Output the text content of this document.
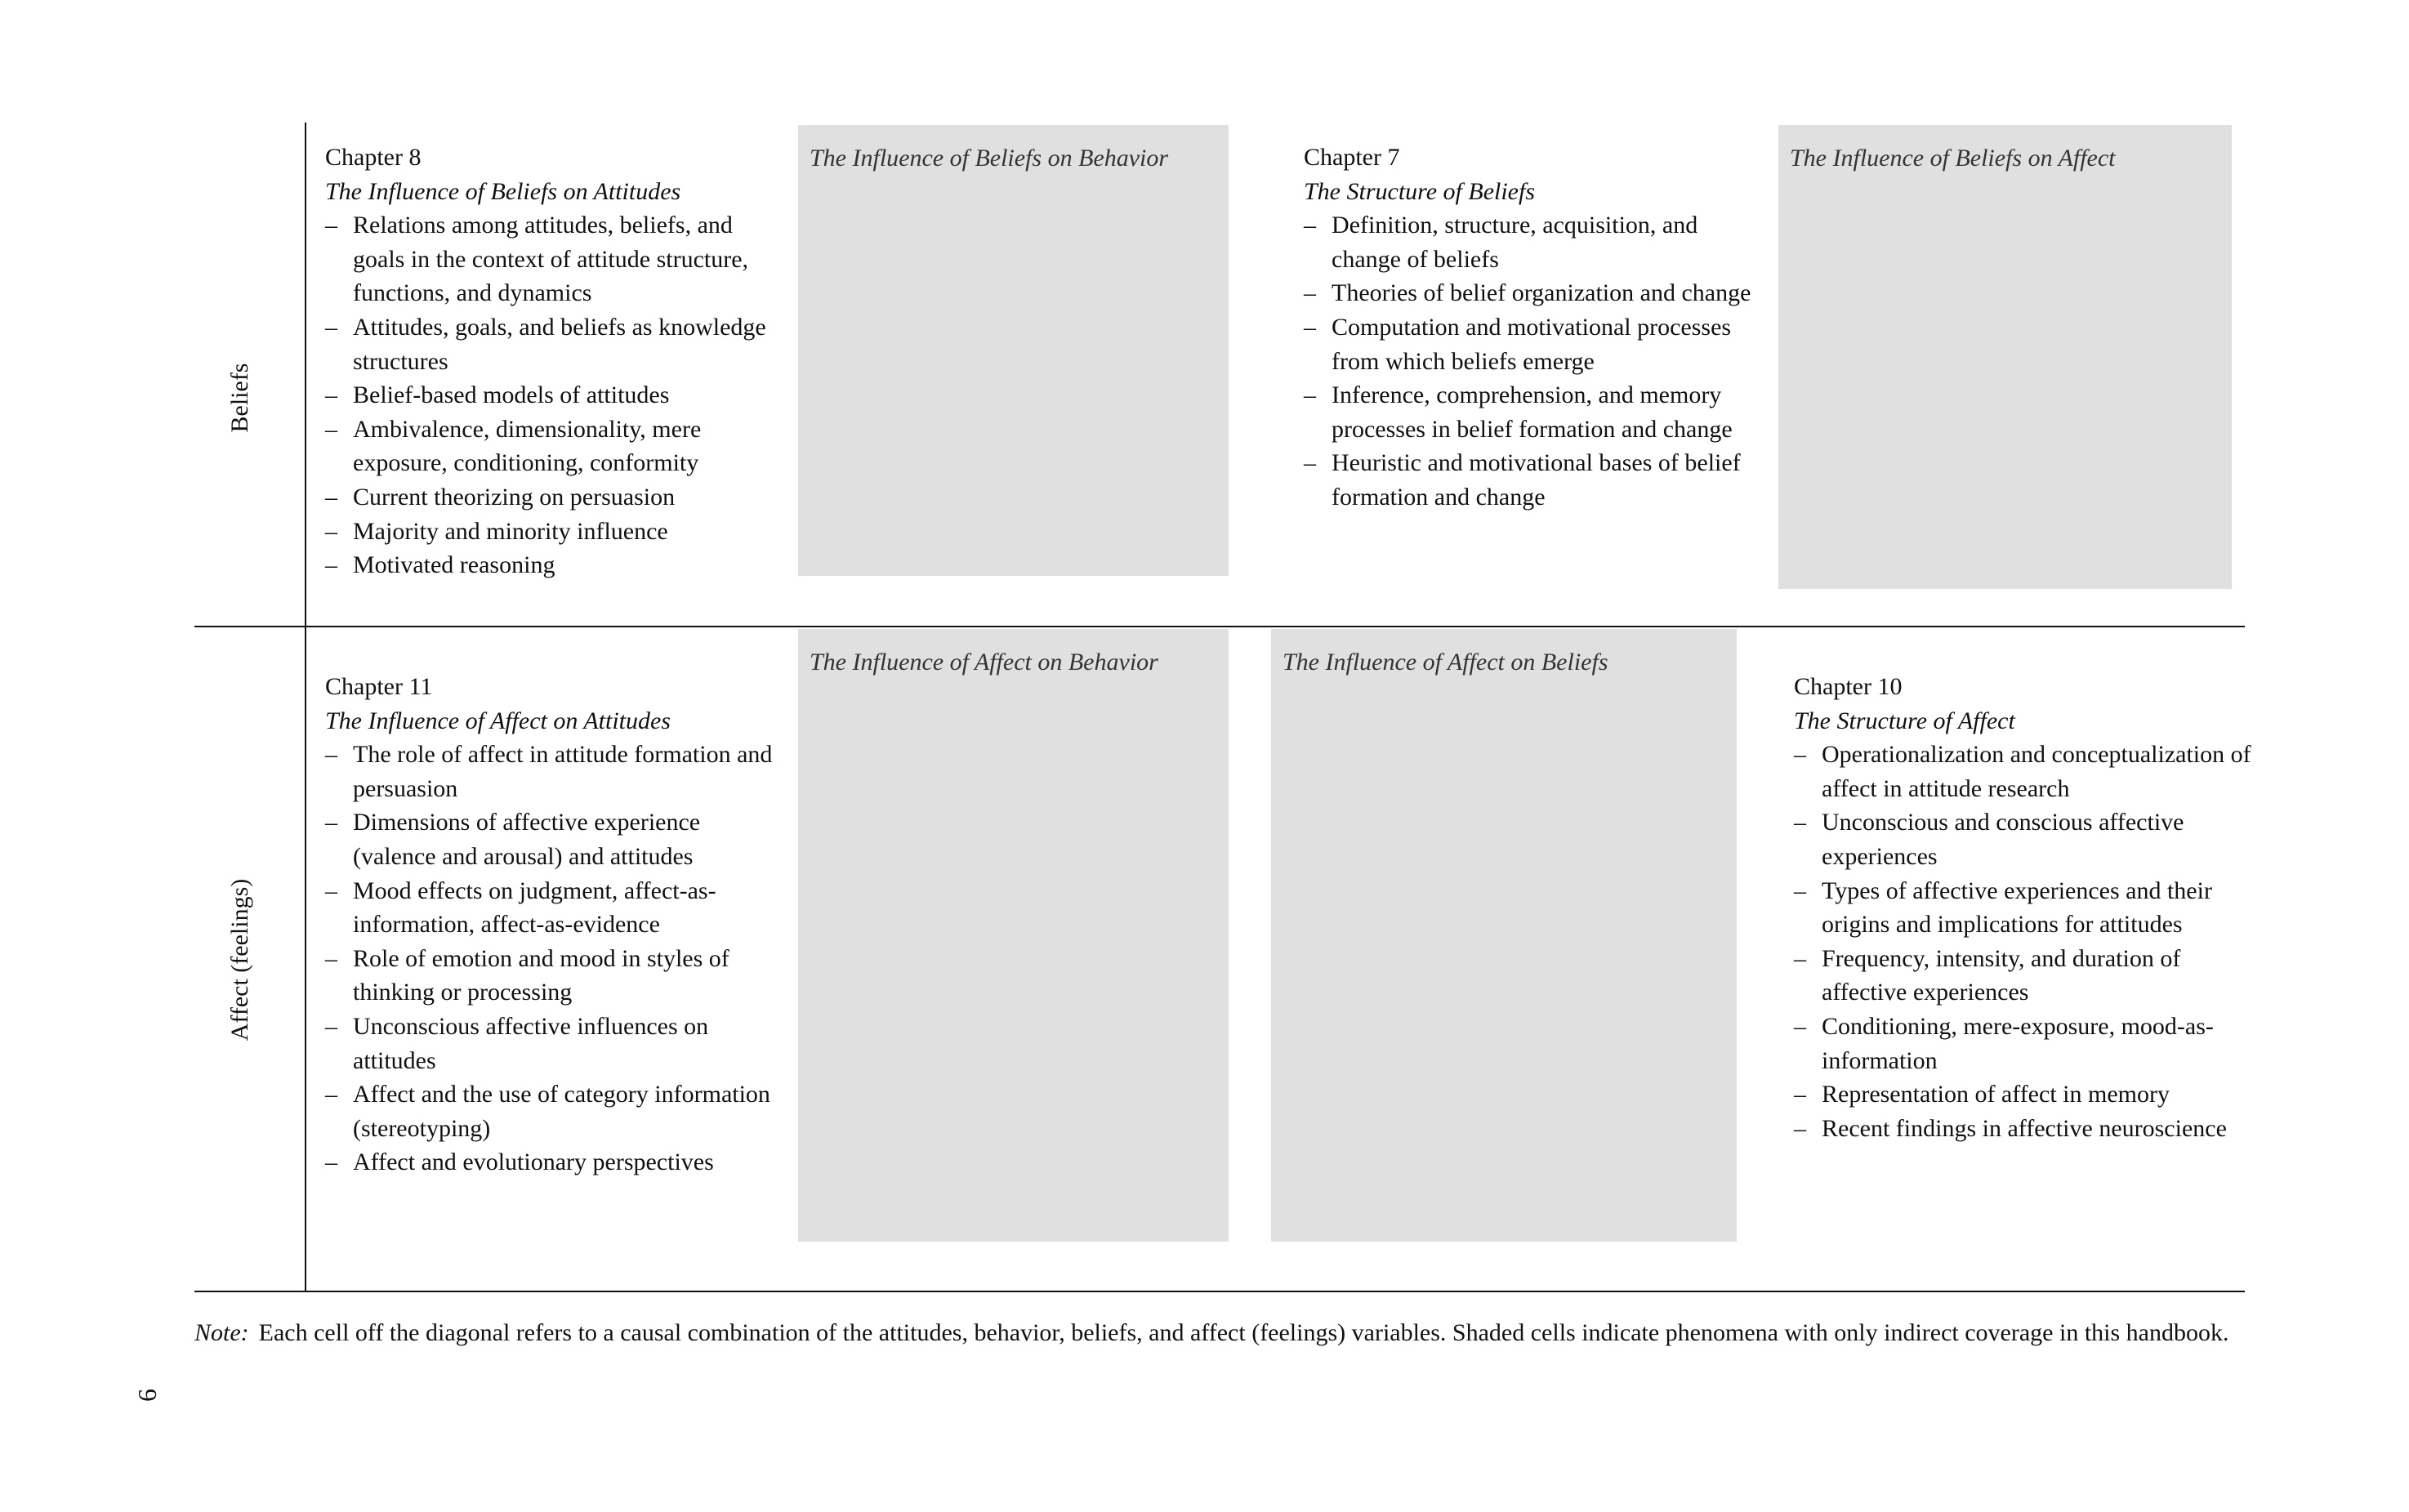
Beliefs
Affect (feelings)
Chapter 8
The Influence of Beliefs on Attitudes
– Relations among attitudes, beliefs, and goals in the context of attitude structure, functions, and dynamics
– Attitudes, goals, and beliefs as knowledge structures
– Belief-based models of attitudes
– Ambivalence, dimensionality, mere exposure, conditioning, conformity
– Current theorizing on persuasion
– Majority and minority influence
– Motivated reasoning
The Influence of Beliefs on Behavior	Chapter 7
The Structure of Beliefs
– Definition, structure, acquisition, and change of beliefs
– Theories of belief organization and change
– Computation and motivational processes from which beliefs emerge
– Inference, comprehension, and memory processes in belief formation and change
– Heuristic and motivational bases of belief formation and change
The Influence of Beliefs on Affect
Chapter 11
The Influence of Affect on Attitudes
– The role of affect in attitude formation and persuasion
– Dimensions of affective experience (valence and arousal) and attitudes
– Mood effects on judgment, affect-as-information, affect-as-evidence
– Role of emotion and mood in styles of thinking or processing
– Unconscious affective influences on attitudes
– Affect and the use of category information (stereotyping)
– Affect and evolutionary perspectives
The Influence of Affect on Behavior	The Influence of Affect on Beliefs
Chapter 10
The Structure of Affect
– Operationalization and conceptualization of affect in attitude research
– Unconscious and conscious affective experiences
– Types of affective experiences and their origins and implications for attitudes
– Frequency, intensity, and duration of affective experiences
– Conditioning, mere-exposure, mood-as-information
– Representation of affect in memory
– Recent findings in affective neuroscience
Note: Each cell off the diagonal refers to a causal combination of the attitudes, behavior, beliefs, and affect (feelings) variables. Shaded cells indicate phenomena with only indirect coverage in this handbook.
6
